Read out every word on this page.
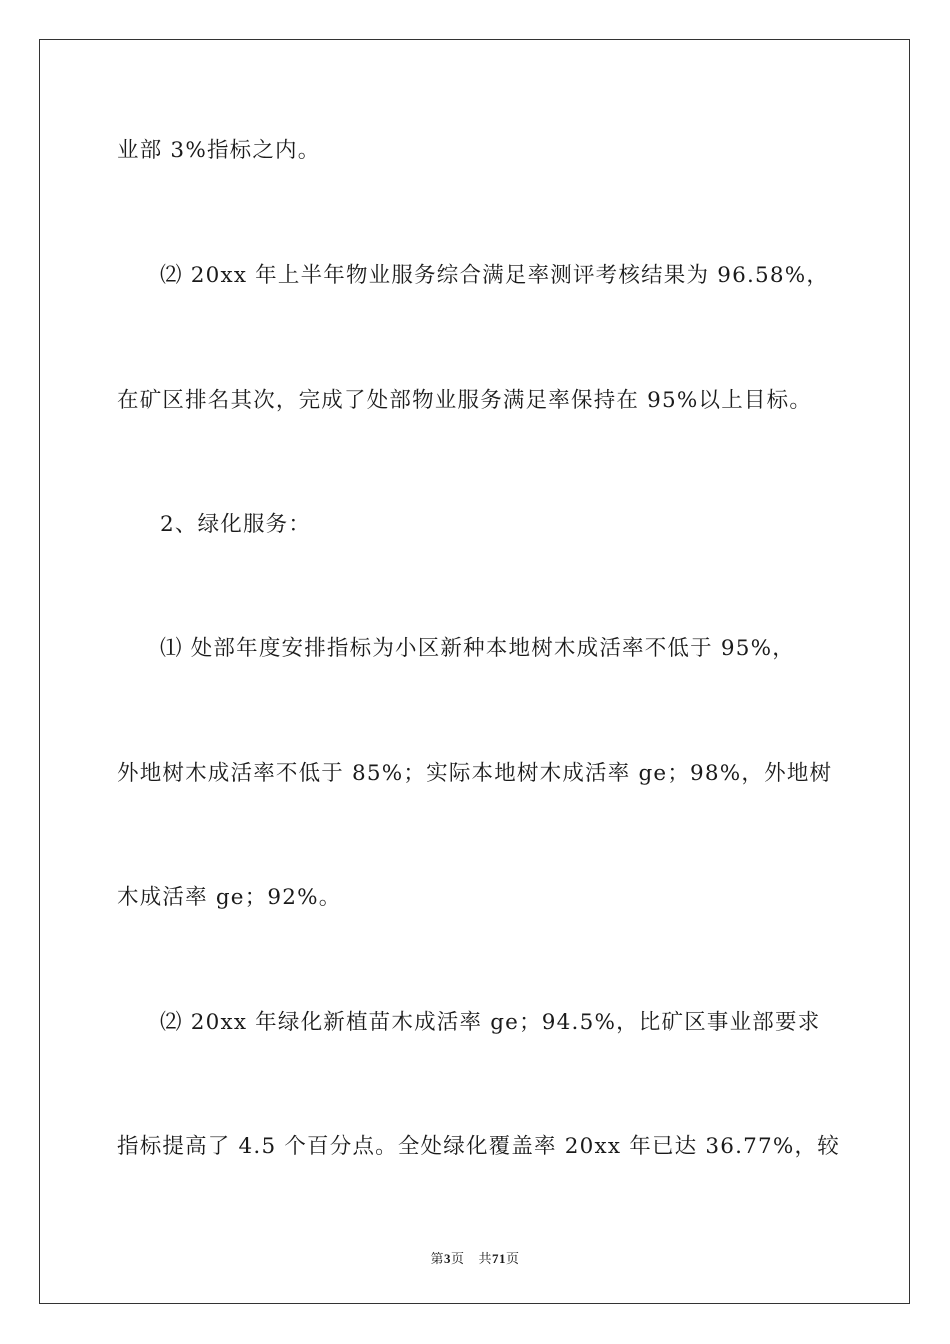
业部 3%指标之内。
⑵ 20xx 年上半年物业服务综合满足率测评考核结果为 96.58%，
在矿区排名其次，完成了处部物业服务满足率保持在 95%以上目标。
2、绿化服务：
⑴ 处部年度安排指标为小区新种本地树木成活率不低于 95%，
外地树木成活率不低于 85%；实际本地树木成活率 ge；98%，外地树
木成活率 ge；92%。
⑵ 20xx 年绿化新植苗木成活率 ge；94.5%，比矿区事业部要求
指标提高了 4.5 个百分点。全处绿化覆盖率 20xx 年已达 36.77%，较
第3页 共71页
